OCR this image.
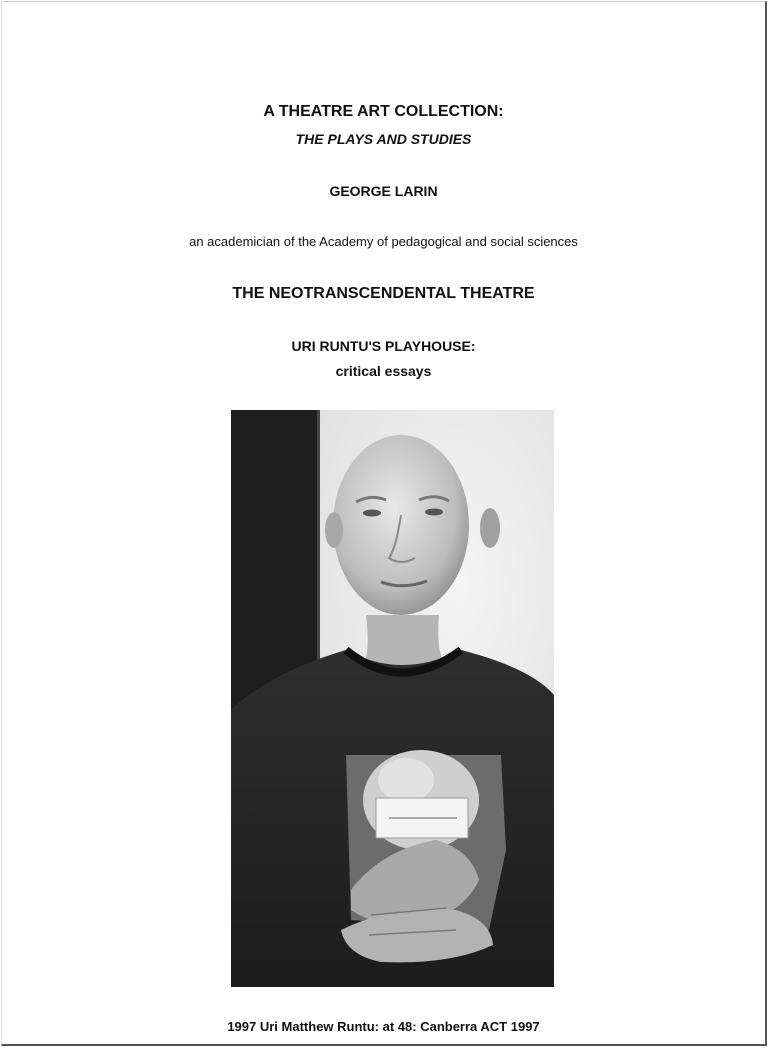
A THEATRE ART COLLECTION:
THE PLAYS AND STUDIES
GEORGE LARIN
an academician of the Academy of pedagogical and social sciences
THE NEOTRANSCENDENTAL THEATRE
URI RUNTU'S PLAYHOUSE:
critical essays
1997 Uri Matthew Runtu: at 48: Canberra ACT 1997
